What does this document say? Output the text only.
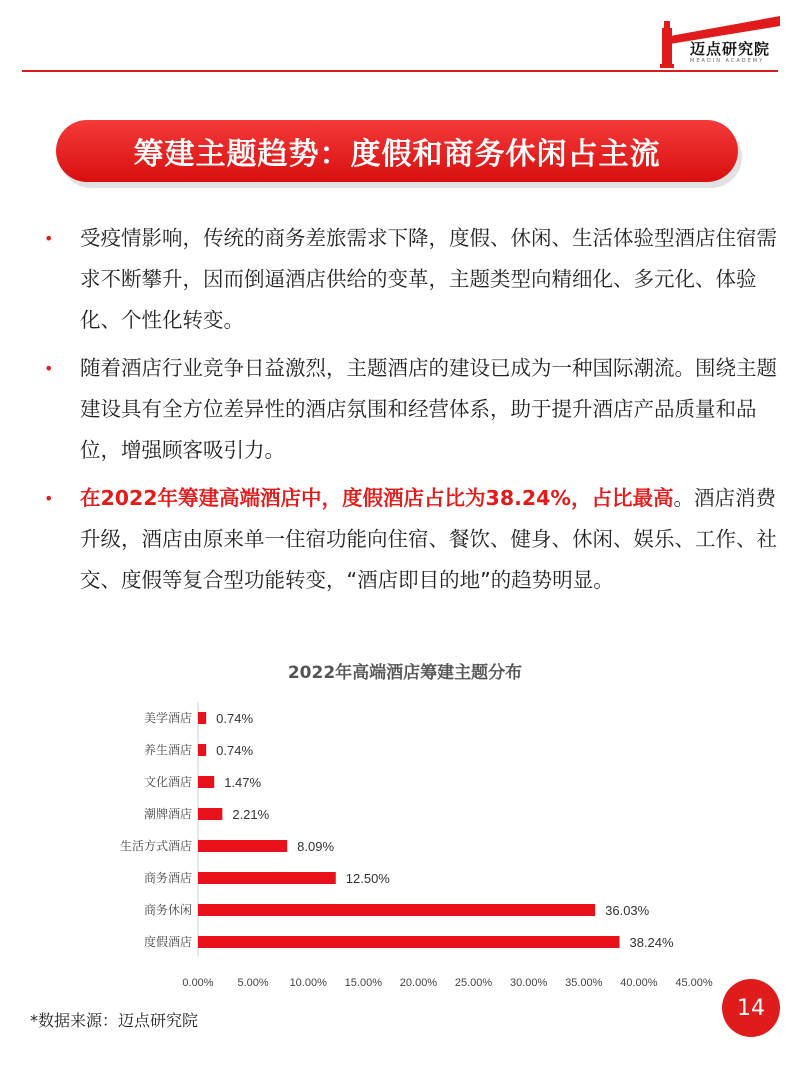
迈点研究院
MEADIN ACADEMY
筹建主题趋势：度假和商务休闲占主流
• 受疫情影响，传统的商务差旅需求下降，度假、休闲、生活体验型酒店住宿需求不断攀升，因而倒逼酒店供给的变革，主题类型向精细化、多元化、体验化、个性化转变。
• 随着酒店行业竞争日益激烈，主题酒店的建设已成为一种国际潮流。围绕主题建设具有全方位差异性的酒店氛围和经营体系，助于提升酒店产品质量和品位，增强顾客吸引力。
• 在2022年筹建高端酒店中，度假酒店占比为38.24%，占比最高。酒店消费升级，酒店由原来单一住宿功能向住宿、餐饮、健身、休闲、娱乐、工作、社交、度假等复合型功能转变，“酒店即目的地”的趋势明显。
2022年高端酒店筹建主题分布
美学酒店 0.74%
养生酒店 0.74%
文化酒店 1.47%
潮牌酒店	2.21%
生活方式酒店	8.09%
商务酒店	12.50%
商务休闲	36.03%
度假酒店	38.24%
0.00% 5.00% 10.00% 15.00% 20.00% 25.00% 30.00% 35.00% 40.00% 45.00%
*数据来源：迈点研究院	14
